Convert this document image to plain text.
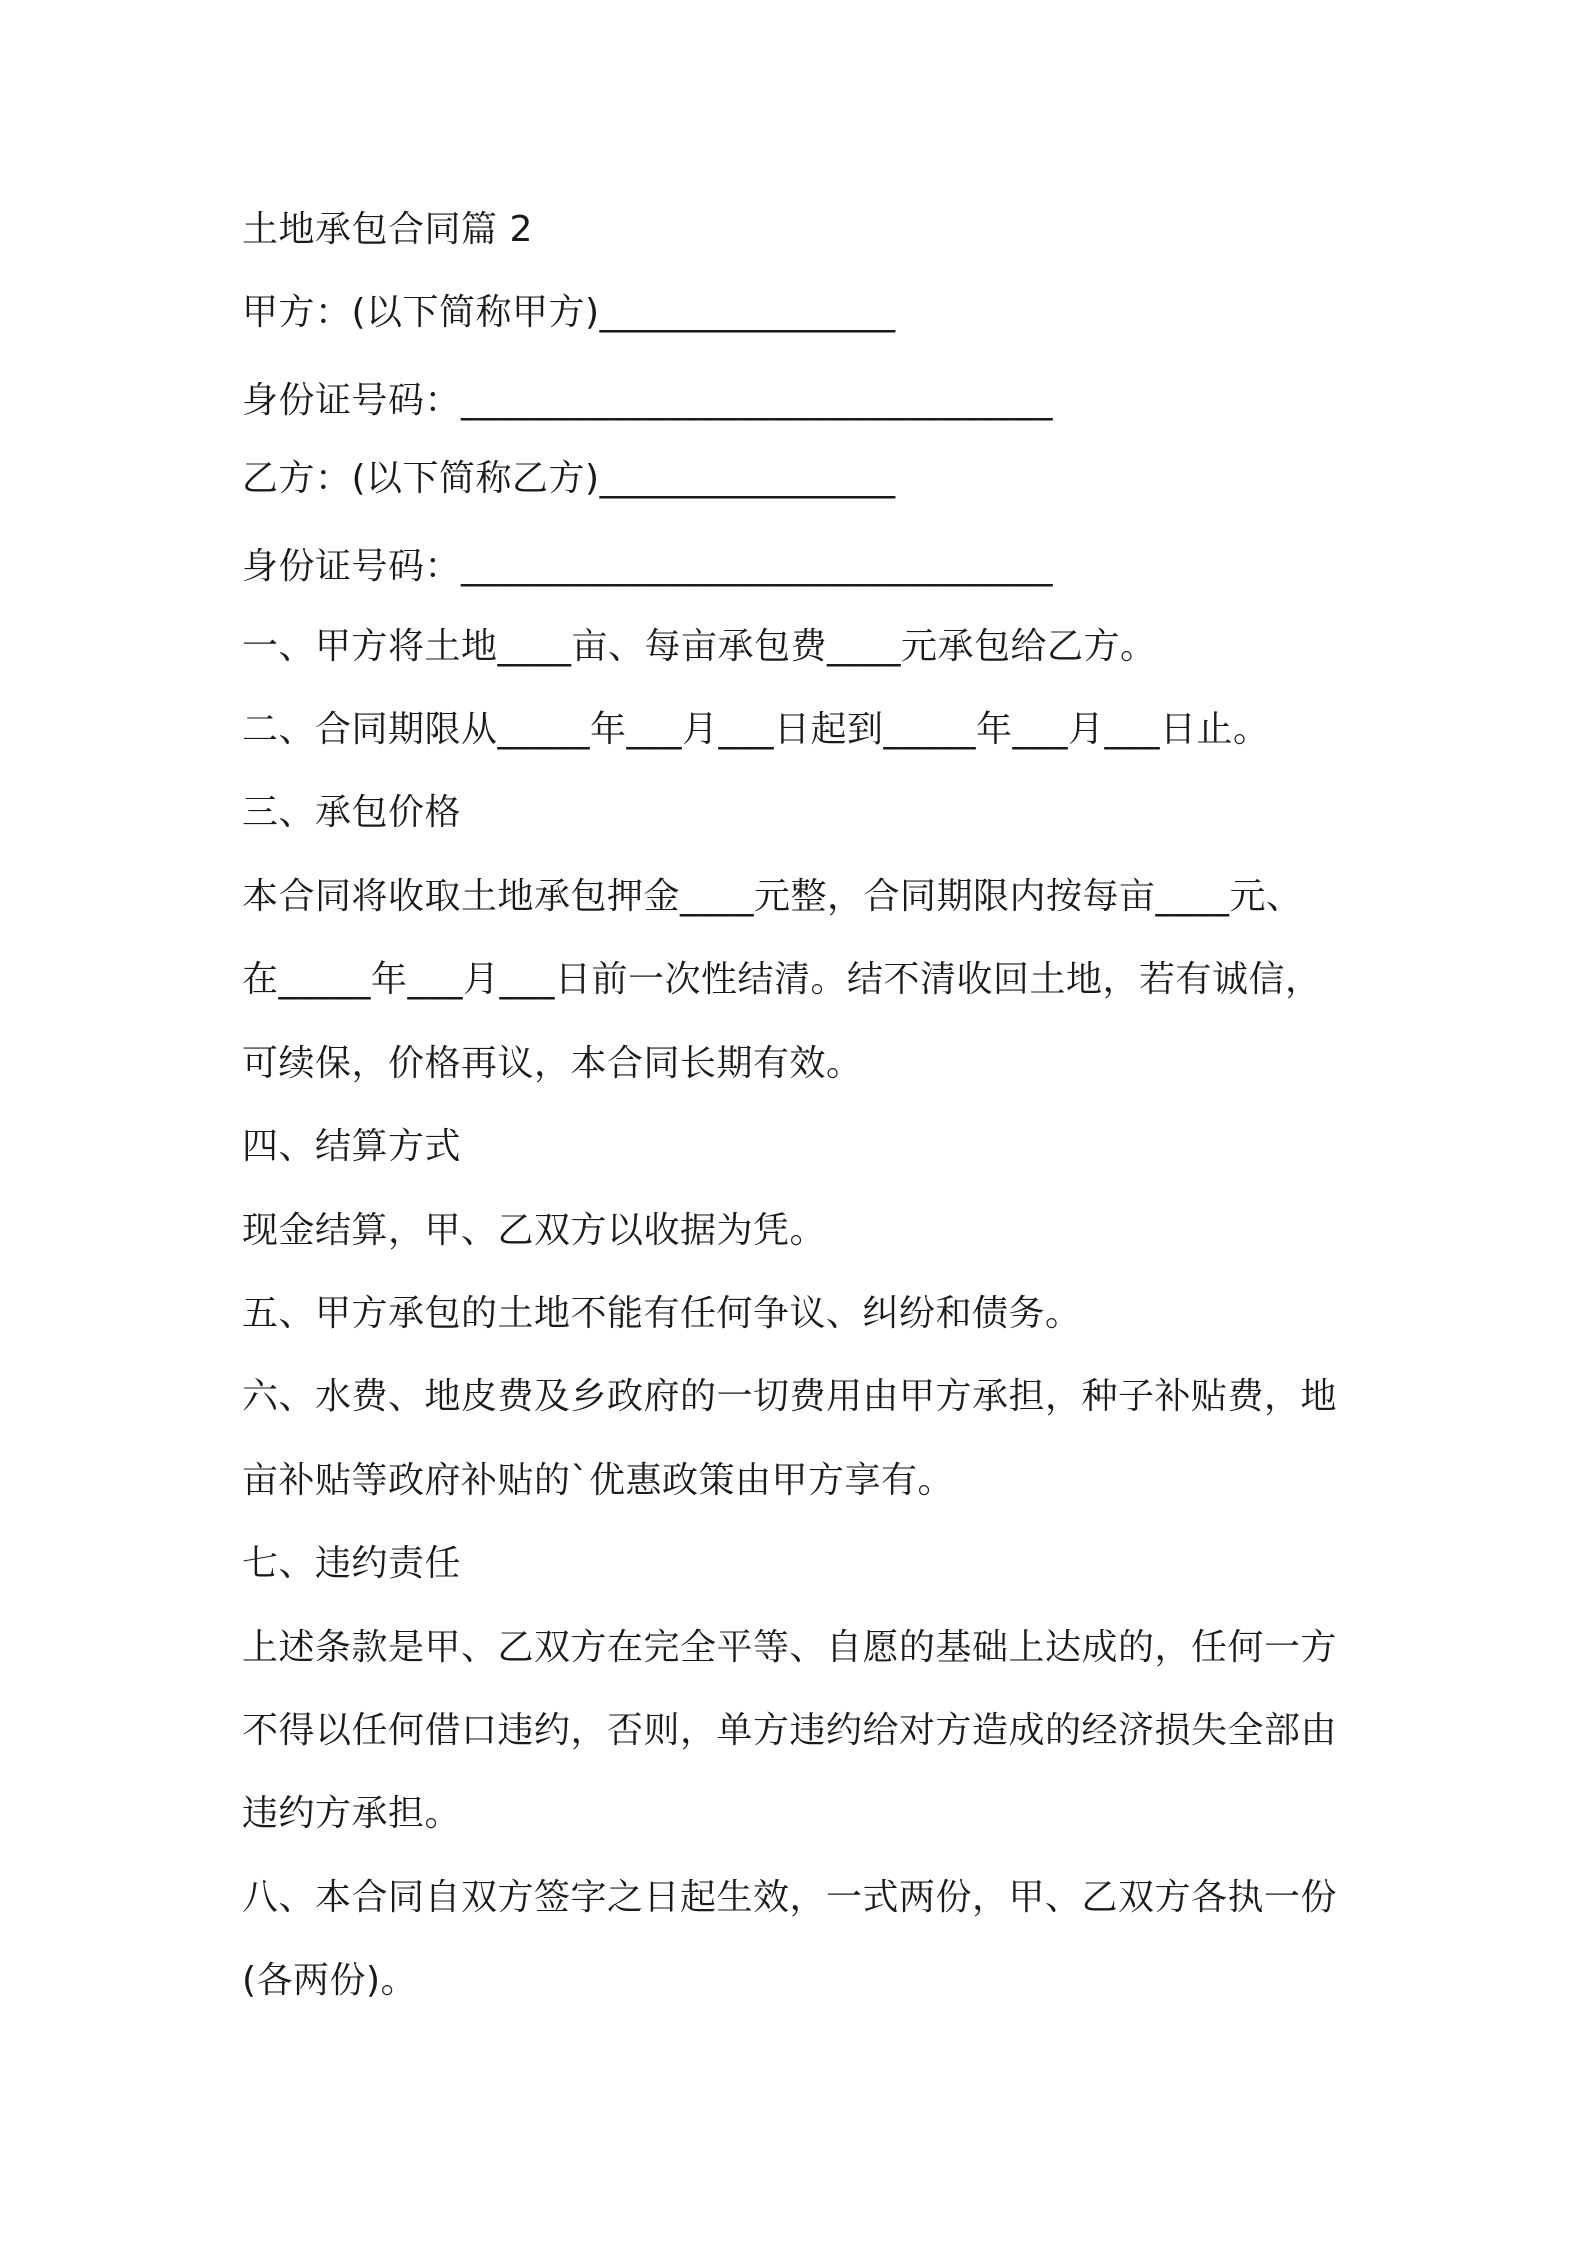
土地承包合同篇 2

甲方：(以下简称甲方)________________

身份证号码：________________________________

乙方：(以下简称乙方)________________

身份证号码：________________________________

一、甲方将土地____亩、每亩承包费____元承包给乙方。

二、合同期限从_____年___月___日起到_____年___月___日止。

三、承包价格

本合同将收取土地承包押金____元整，合同期限内按每亩____元、

在_____年___月___日前一次性结清。结不清收回土地，若有诚信，

可续保，价格再议，本合同长期有效。

四、结算方式

现金结算，甲、乙双方以收据为凭。

五、甲方承包的土地不能有任何争议、纠纷和债务。

六、水费、地皮费及乡政府的一切费用由甲方承担，种子补贴费，地

亩补贴等政府补贴的`优惠政策由甲方享有。

七、违约责任

上述条款是甲、乙双方在完全平等、自愿的基础上达成的，任何一方

不得以任何借口违约，否则，单方违约给对方造成的经济损失全部由

违约方承担。

八、本合同自双方签字之日起生效，一式两份，甲、乙双方各执一份

(各两份)。
